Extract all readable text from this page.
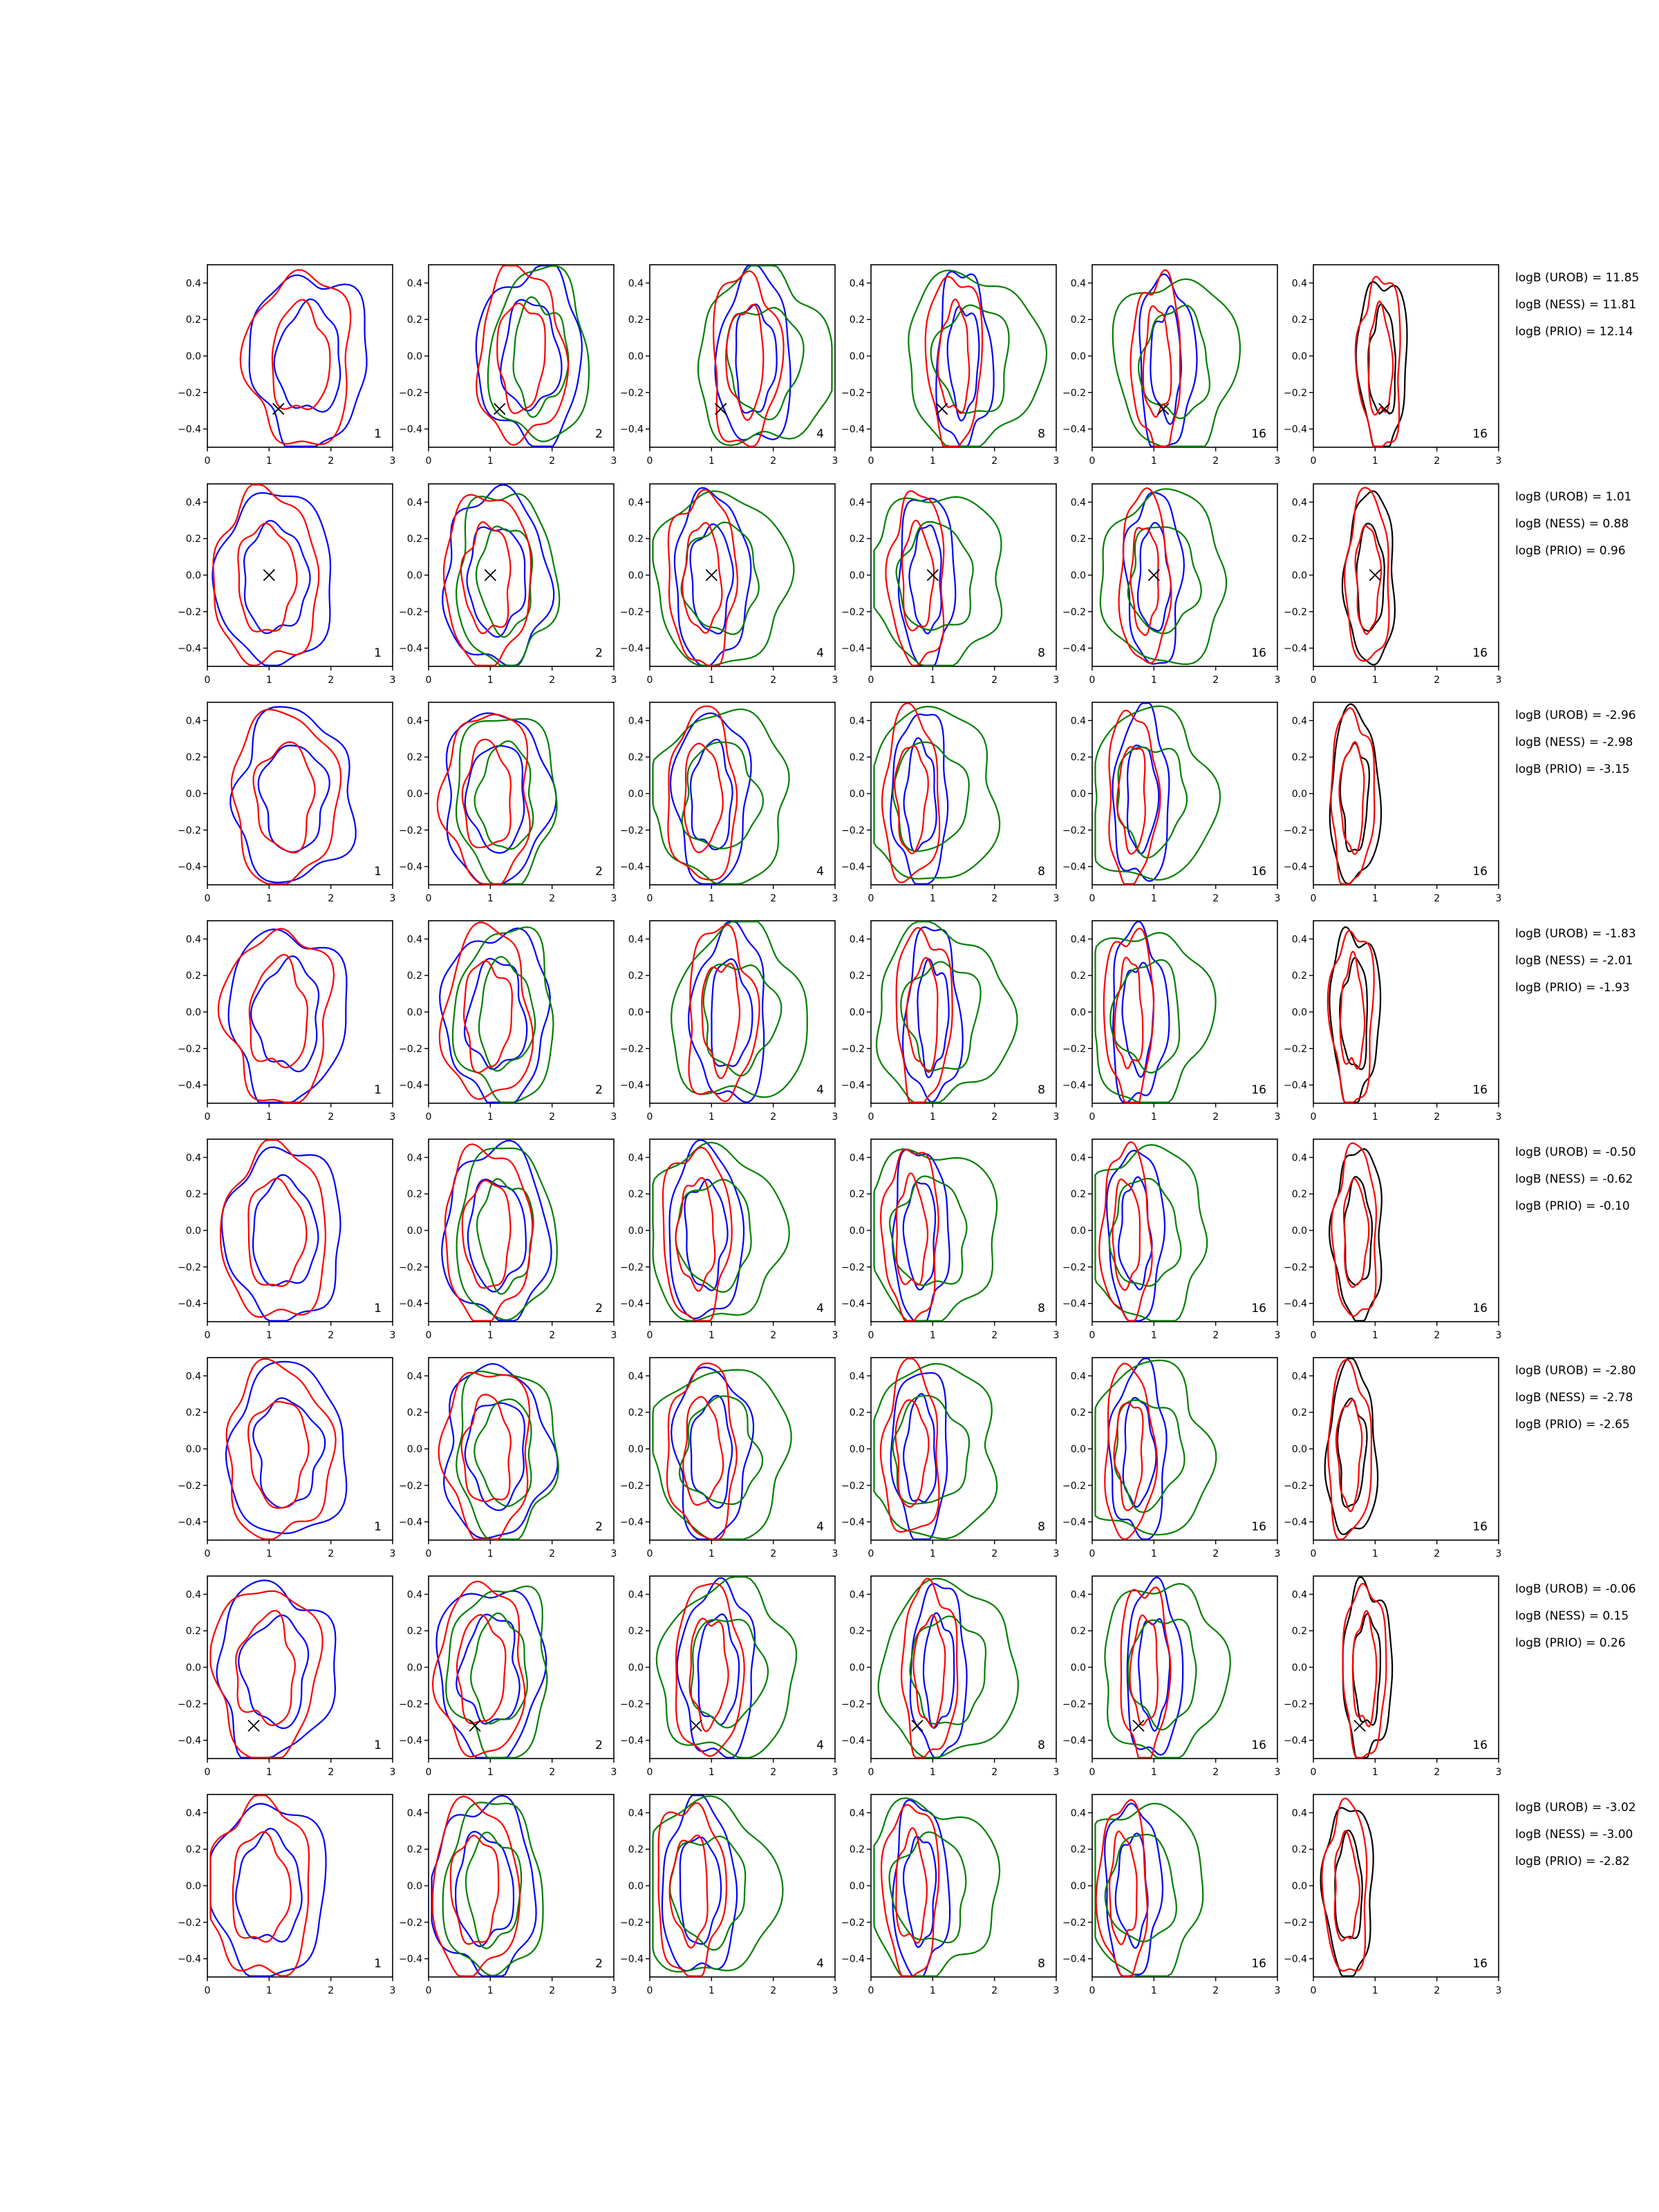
0.4
0.2
0.0
−0.2
−0.4
0	1	2	3
1
0.4
0.2
0.0
−0.2
−0.4
0	1	2	3
2
0.4
0.2
0.0
−0.2
−0.4
0	1	2	3
4
0.4
0.2
0.0
−0.2
−0.4
0	1	2	3
8
0.4
0.2
0.0
−0.2
−0.4
0	1	2	3
16
0.4
0.2
0.0
−0.2
−0.4
0	1	2	3
16
logB (UROB) = 11.85
logB (NESS) = 11.81
logB (PRIO) = 12.14
0.4
0.2
0.0
−0.2
−0.4
0	1	2	3
1
0.4
0.2
0.0
−0.2
−0.4
0	1	2	3
2
0.4
0.2
0.0
−0.2
−0.4
0	1	2	3
4
0.4
0.2
0.0
−0.2
−0.4
0	1	2	3
8
0.4
0.2
0.0
−0.2
−0.4
0	1	2	3
16
0.4
0.2
0.0
−0.2
−0.4
0	1	2	3
16
logB (UROB) = 1.01
logB (NESS) = 0.88
logB (PRIO) = 0.96
0.4
0.2
0.0
−0.2
−0.4
0	1	2	3
1
0.4
0.2
0.0
−0.2
−0.4
0	1	2	3
2
0.4
0.2
0.0
−0.2
−0.4
0	1	2	3
4
0.4
0.2
0.0
−0.2
−0.4
0	1	2	3
8
0.4
0.2
0.0
−0.2
−0.4
0	1	2	3
16
0.4
0.2
0.0
−0.2
−0.4
0	1	2	3
16
logB (UROB) = -2.96
logB (NESS) = -2.98
logB (PRIO) = -3.15
0.4
0.2
0.0
−0.2
−0.4
0	1	2	3
1
0.4
0.2
0.0
−0.2
−0.4
0	1	2	3
2
0.4
0.2
0.0
−0.2
−0.4
0	1	2	3
4
0.4
0.2
0.0
−0.2
−0.4
0	1	2	3
8
0.4
0.2
0.0
−0.2
−0.4
0	1	2	3
16
0.4
0.2
0.0
−0.2
−0.4
0	1	2	3
16
logB (UROB) = -1.83
logB (NESS) = -2.01
logB (PRIO) = -1.93
0.4
0.2
0.0
−0.2
−0.4
0	1	2	3
1
0.4
0.2
0.0
−0.2
−0.4
0	1	2	3
2
0.4
0.2
0.0
−0.2
−0.4
0	1	2	3
4
0.4
0.2
0.0
−0.2
−0.4
0	1	2	3
8
0.4
0.2
0.0
−0.2
−0.4
0	1	2	3
16
0.4
0.2
0.0
−0.2
−0.4
0	1	2	3
16
logB (UROB) = -0.50
logB (NESS) = -0.62
logB (PRIO) = -0.10
0.4
0.2
0.0
−0.2
−0.4
0	1	2	3
1
0.4
0.2
0.0
−0.2
−0.4
0	1	2	3
2
0.4
0.2
0.0
−0.2
−0.4
0	1	2	3
4
0.4
0.2
0.0
−0.2
−0.4
0	1	2	3
8
0.4
0.2
0.0
−0.2
−0.4
0	1	2	3
16
0.4
0.2
0.0
−0.2
−0.4
0	1	2	3
16
logB (UROB) = -2.80
logB (NESS) = -2.78
logB (PRIO) = -2.65
0.4
0.2
0.0
−0.2
−0.4
0	1	2	3
1
0.4
0.2
0.0
−0.2
−0.4
0	1	2	3
2
0.4
0.2
0.0
−0.2
−0.4
0	1	2	3
4
0.4
0.2
0.0
−0.2
−0.4
0	1	2	3
8
0.4
0.2
0.0
−0.2
−0.4
0	1	2	3
16
0.4
0.2
0.0
−0.2
−0.4
0	1	2	3
16
logB (UROB) = -0.06
logB (NESS) = 0.15
logB (PRIO) = 0.26
0.4
0.2
0.0
−0.2
−0.4
0	1	2	3
1
0.4
0.2
0.0
−0.2
−0.4
0	1	2	3
2
0.4
0.2
0.0
−0.2
−0.4
0	1	2	3
4
0.4
0.2
0.0
−0.2
−0.4
0	1	2	3
8
0.4
0.2
0.0
−0.2
−0.4
0	1	2	3
16
0.4
0.2
0.0
−0.2
−0.4
0	1	2	3
16
logB (UROB) = -3.02
logB (NESS) = -3.00
logB (PRIO) = -2.82
